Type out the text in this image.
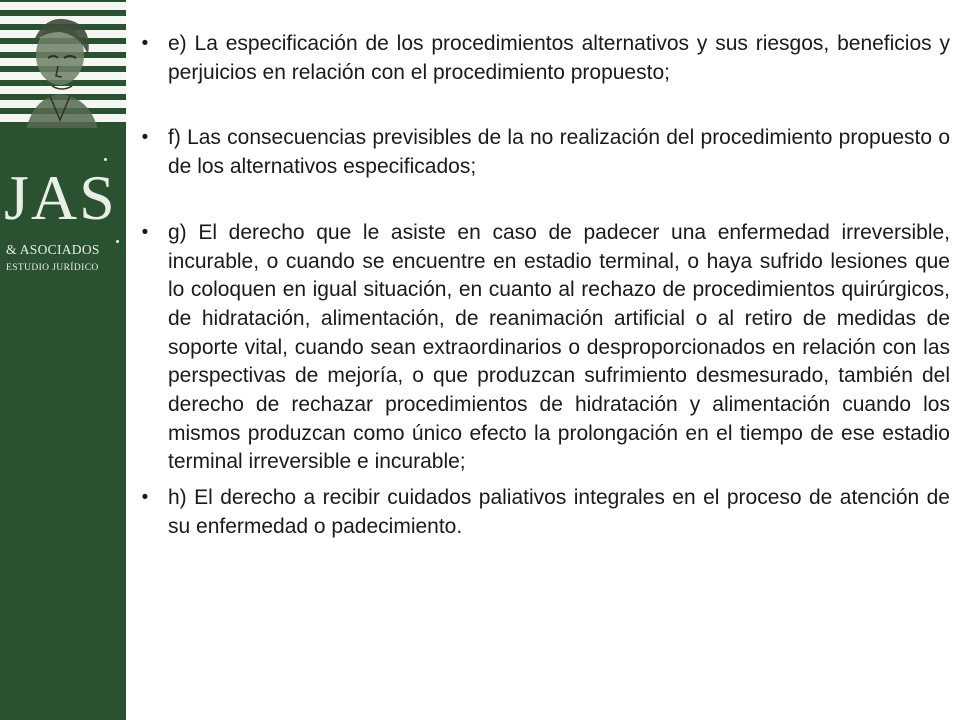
JAS
& ASOCIADOS
ESTUDIO JURÍDICO
• e) La especificación de los procedimientos alternativos y sus riesgos, beneficios y perjuicios en relación con el procedimiento propuesto;
• f) Las consecuencias previsibles de la no realización del procedimiento propuesto o de los alternativos especificados;
• g) El derecho que le asiste en caso de padecer una enfermedad irreversible, incurable, o cuando se encuentre en estadio terminal, o haya sufrido lesiones que lo coloquen en igual situación, en cuanto al rechazo de procedimientos quirúrgicos, de hidratación, alimentación, de reanimación artificial o al retiro de medidas de soporte vital, cuando sean extraordinarios o desproporcionados en relación con las perspectivas de mejoría, o que produzcan sufrimiento desmesurado, también del derecho de rechazar procedimientos de hidratación y alimentación cuando los mismos produzcan como único efecto la prolongación en el tiempo de ese estadio terminal irreversible e incurable;
• h) El derecho a recibir cuidados paliativos integrales en el proceso de atención de su enfermedad o padecimiento.
